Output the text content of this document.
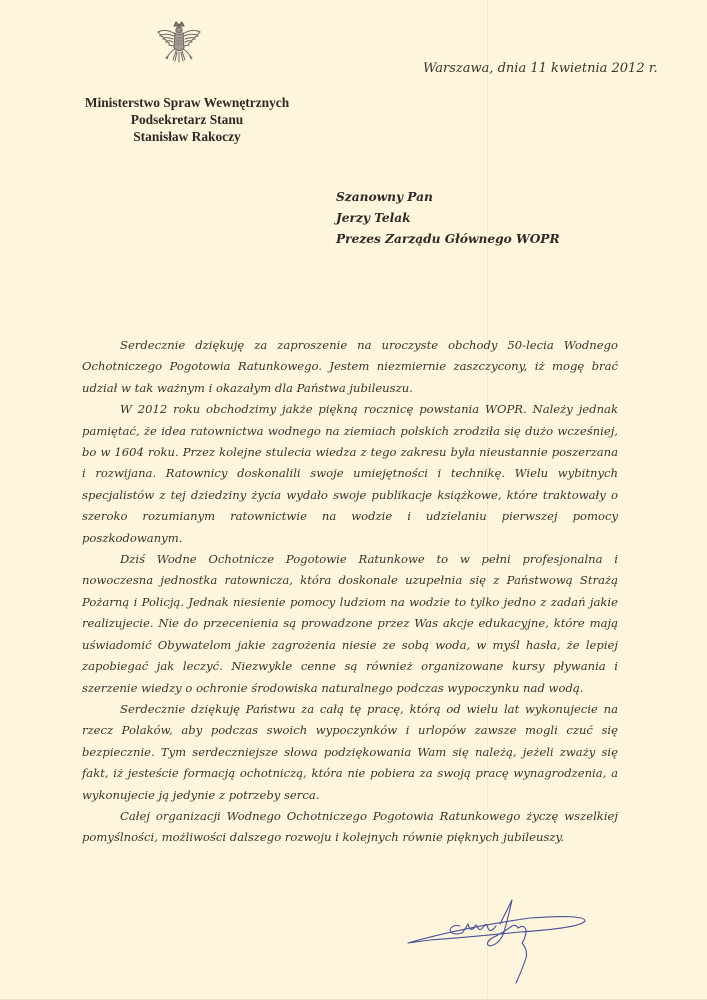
Warszawa, dnia 11 kwietnia 2012 r.
Ministerstwo Spraw Wewnętrznych
Podsekretarz Stanu
Stanisław Rakoczy
Szanowny Pan
Jerzy Telak
Prezes Zarządu Głównego WOPR

Serdecznie dziękuję za zaproszenie na uroczyste obchody 50-lecia Wodnego Ochotniczego Pogotowia Ratunkowego. Jestem niezmiernie zaszczycony, iż mogę brać udział w tak ważnym i okazałym dla Państwa jubileuszu.

W 2012 roku obchodzimy jakże piękną rocznicę powstania WOPR. Należy jednak pamiętać, że idea ratownictwa wodnego na ziemiach polskich zrodziła się dużo wcześniej, bo w 1604 roku. Przez kolejne stulecia wiedza z tego zakresu była nieustannie poszerzana i rozwijana. Ratownicy doskonalili swoje umiejętności i technikę. Wielu wybitnych specjalistów z tej dziedziny życia wydało swoje publikacje książkowe, które traktowały o szeroko rozumianym ratownictwie na wodzie i udzielaniu pierwszej pomocy poszkodowanym.

Dziś Wodne Ochotnicze Pogotowie Ratunkowe to w pełni profesjonalna i nowoczesna jednostka ratownicza, która doskonale uzupełnia się z Państwową Strażą Pożarną i Policją. Jednak niesienie pomocy ludziom na wodzie to tylko jedno z zadań jakie realizujecie. Nie do przecenienia są prowadzone przez Was akcje edukacyjne, które mają uświadomić Obywatelom jakie zagrożenia niesie ze sobą woda, w myśl hasła, że lepiej zapobiegać jak leczyć. Niezwykle cenne są również organizowane kursy pływania i szerzenie wiedzy o ochronie środowiska naturalnego podczas wypoczynku nad wodą.

Serdecznie dziękuję Państwu za całą tę pracę, którą od wielu lat wykonujecie na rzecz Polaków, aby podczas swoich wypoczynków i urlopów zawsze mogli czuć się bezpiecznie. Tym serdeczniejsze słowa podziękowania Wam się należą, jeżeli zważy się fakt, iż jesteście formacją ochotniczą, która nie pobiera za swoją pracę wynagrodzenia, a wykonujecie ją jedynie z potrzeby serca.

Całej organizacji Wodnego Ochotniczego Pogotowia Ratunkowego życzę wszelkiej pomyślności, możliwości dalszego rozwoju i kolejnych równie pięknych jubileuszy.
